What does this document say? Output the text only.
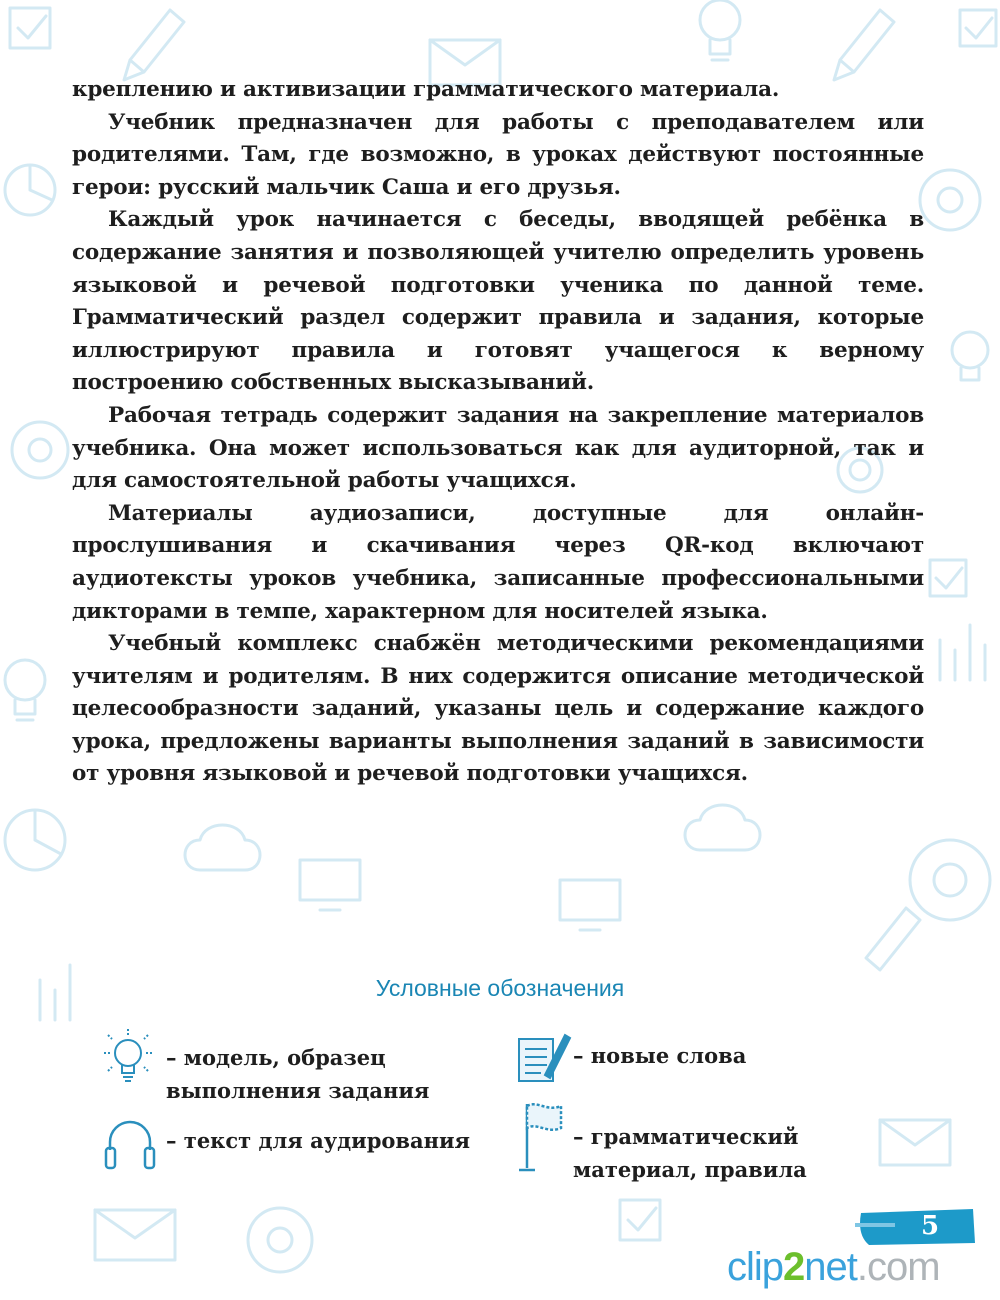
креплению и активизации грамматического материала.

Учебник предназначен для работы с преподавателем или родителями. Там, где возможно, в уроках действуют постоянные герои: русский мальчик Саша и его друзья.

Каждый урок начинается с беседы, вводящей ребёнка в содержание занятия и позволяющей учителю определить уровень языковой и речевой подготовки ученика по данной теме. Грамматический раздел содержит правила и задания, которые иллюстрируют правила и готовят учащегося к верному построению собственных высказываний.

Рабочая тетрадь содержит задания на закрепление материалов учебника. Она может использоваться как для аудиторной, так и для самостоятельной работы учащихся.

Материалы аудиозаписи, доступные для онлайн-прослушивания и скачивания через QR-код включают аудиотексты уроков учебника, записанные профессиональными дикторами в темпе, характерном для носителей языка.

Учебный комплекс снабжён методическими рекомендациями учителям и родителям. В них содержится описание методической целесообразности заданий, указаны цель и содержание каждого урока, предложены варианты выполнения заданий в зависимости от уровня языковой и речевой подготовки учащихся.

Условные обозначения
– модель, образец выполнения задания
– текст для аудирования
– новые слова
– грамматический материал, правила
5
clip2net.com
